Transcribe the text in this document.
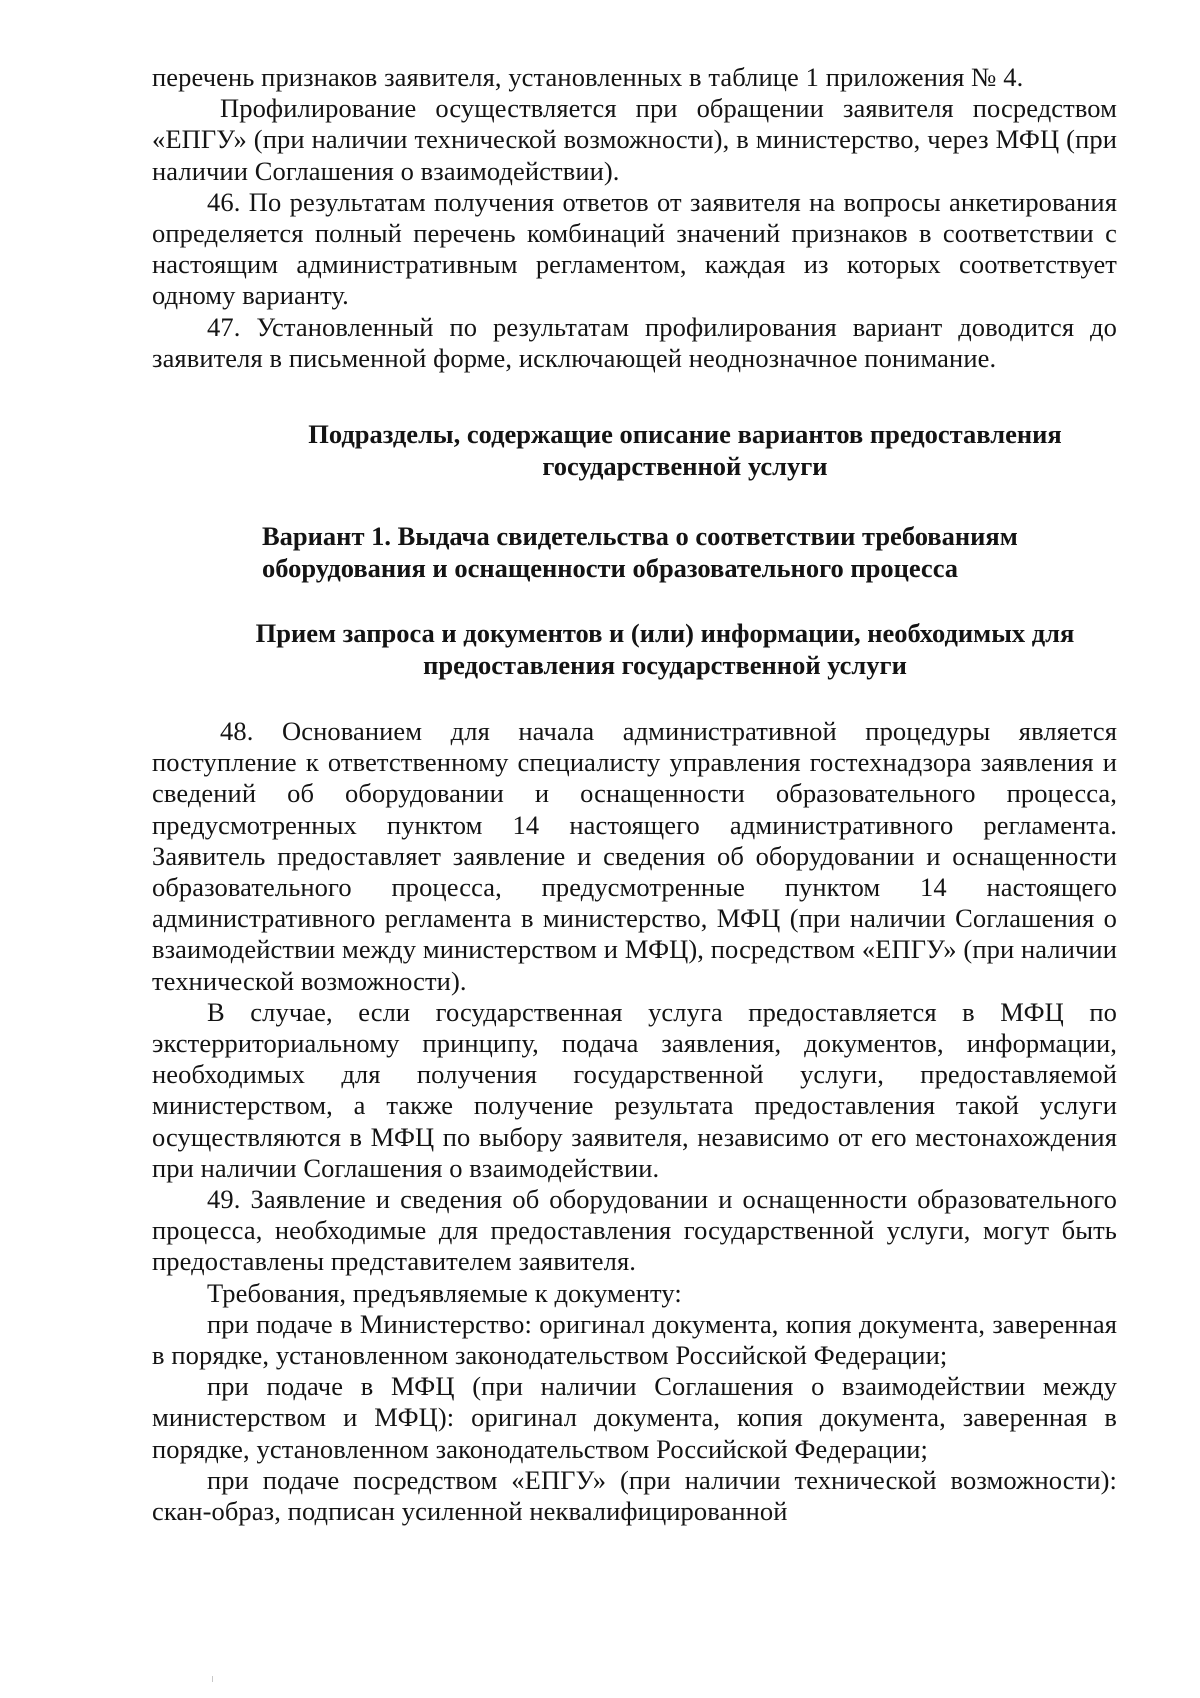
перечень признаков заявителя, установленных в таблице 1 приложения № 4.

Профилирование осуществляется при обращении заявителя посредством «ЕПГУ» (при наличии технической возможности), в министерство, через МФЦ (при наличии Соглашения о взаимодействии).

46. По результатам получения ответов от заявителя на вопросы анкетирования определяется полный перечень комбинаций значений признаков в соответствии с настоящим административным регламентом, каждая из которых соответствует одному варианту.

47. Установленный по результатам профилирования вариант доводится до заявителя в письменной форме, исключающей неоднозначное понимание.

Подразделы, содержащие описание вариантов предоставления государственной услуги
Вариант 1. Выдача свидетельства о соответствии требованиям оборудования и оснащенности образовательного процесса
Прием запроса и документов и (или) информации, необходимых для предоставления государственной услуги

48. Основанием для начала административной процедуры является поступление к ответственному специалисту управления гостехнадзора заявления и сведений об оборудовании и оснащенности образовательного процесса, предусмотренных пунктом 14 настоящего административного регламента. Заявитель предоставляет заявление и сведения об оборудовании и оснащенности образовательного процесса, предусмотренные пунктом 14 настоящего административного регламента в министерство, МФЦ (при наличии Соглашения о взаимодействии между министерством и МФЦ), посредством «ЕПГУ» (при наличии технической возможности).

В случае, если государственная услуга предоставляется в МФЦ по экстерриториальному принципу, подача заявления, документов, информации, необходимых для получения государственной услуги, предоставляемой министерством, а также получение результата предоставления такой услуги осуществляются в МФЦ по выбору заявителя, независимо от его местонахождения при наличии Соглашения о взаимодействии.

49. Заявление и сведения об оборудовании и оснащенности образовательного процесса, необходимые для предоставления государственной услуги, могут быть предоставлены представителем заявителя.

Требования, предъявляемые к документу:

при подаче в Министерство: оригинал документа, копия документа, заверенная в порядке, установленном законодательством Российской Федерации;

при подаче в МФЦ (при наличии Соглашения о взаимодействии между министерством и МФЦ): оригинал документа, копия документа, заверенная в порядке, установленном законодательством Российской Федерации;

при подаче посредством «ЕПГУ» (при наличии технической возможности): скан-образ, подписан усиленной неквалифицированной
